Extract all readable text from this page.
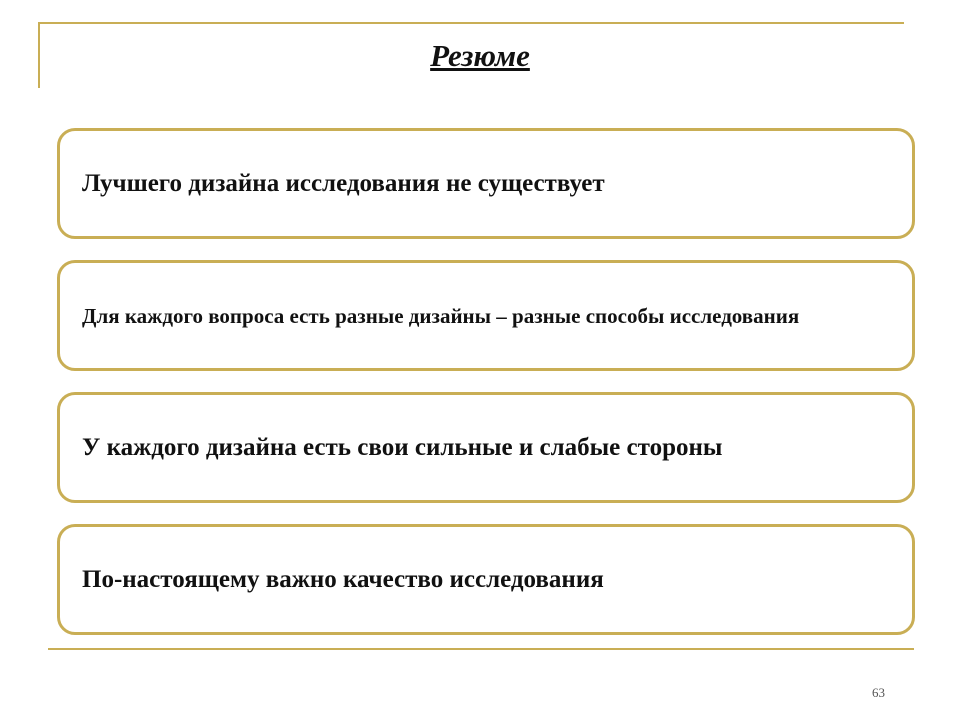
Резюме
Лучшего дизайна исследования не существует
Для каждого вопроса есть разные дизайны – разные способы исследования
У каждого дизайна есть свои сильные и слабые стороны
По-настоящему важно качество исследования
63
